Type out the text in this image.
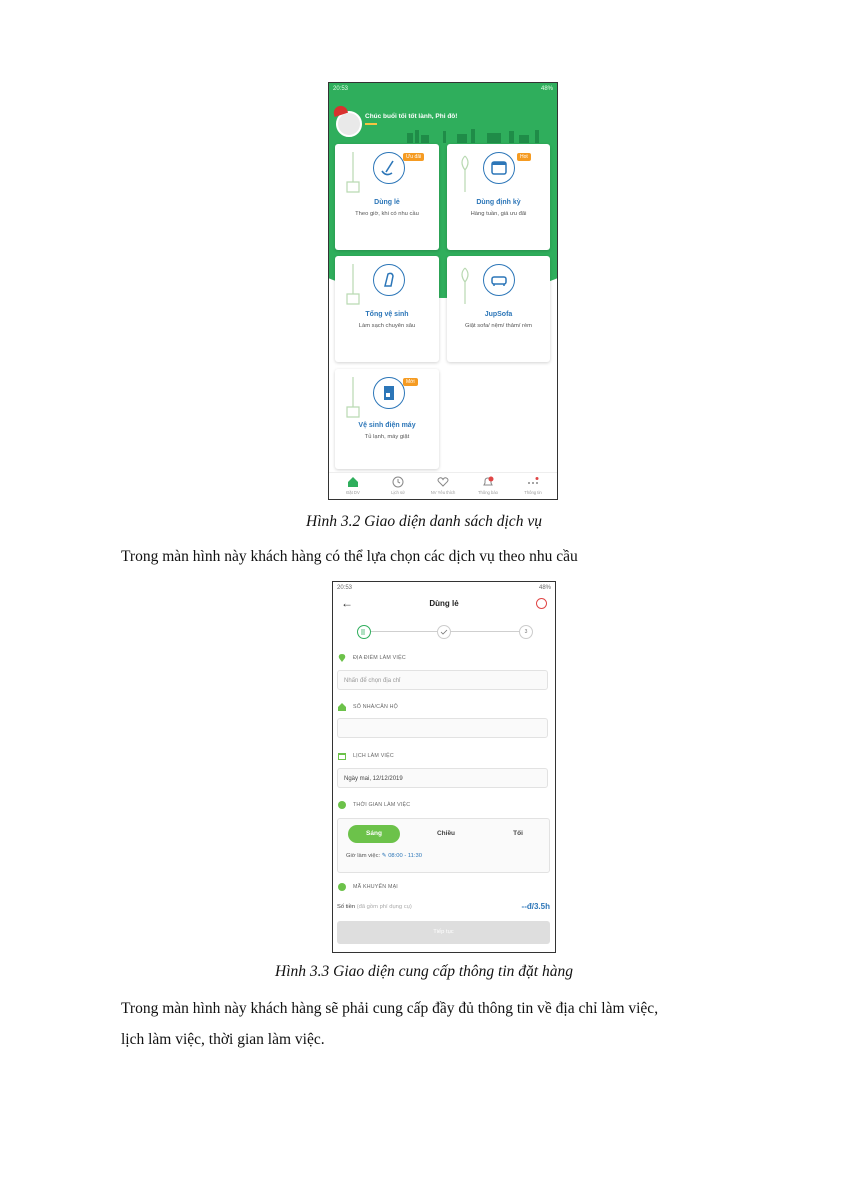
20:53	48%
Chúc buổi tối tốt lành, Phi đô!
Ưu đãi
Dùng lẻ
Theo giờ, khi có nhu cầu
Hot
Dùng định kỳ
Hàng tuần, giá ưu đãi
Tổng vệ sinh
Làm sạch chuyên sâu
JupSofa
Giặt sofa/ nệm/ thảm/ rèm
Mới
Vệ sinh điện máy
Tủ lạnh, máy giặt
Đặt DV	Lịch sử	NV Yêu thích	Thông báo	Thông tin
Hình 3.2 Giao diện danh sách dịch vụ
Trong màn hình này khách hàng có thể lựa chọn các dịch vụ theo nhu cầu
20:53	48%
←	Dùng lẻ
3
ĐỊA ĐIỂM LÀM VIỆC
Nhấn để chọn địa chỉ
SỐ NHÀ/CĂN HỘ
LỊCH LÀM VIỆC
Ngày mai, 12/12/2019
THỜI GIAN LÀM VIỆC
Sáng	Chiều	Tối
Giờ làm việc: ✎ 08:00 - 11:30
MÃ KHUYẾN MẠI
Số tiền (đã gồm phí dụng cụ)	--đ/3.5h
Tiếp tục
Hình 3.3 Giao diện cung cấp thông tin đặt hàng
Trong màn hình này khách hàng sẽ phải cung cấp đầy đủ thông tin về địa chỉ làm việc,
lịch làm việc, thời gian làm việc.
